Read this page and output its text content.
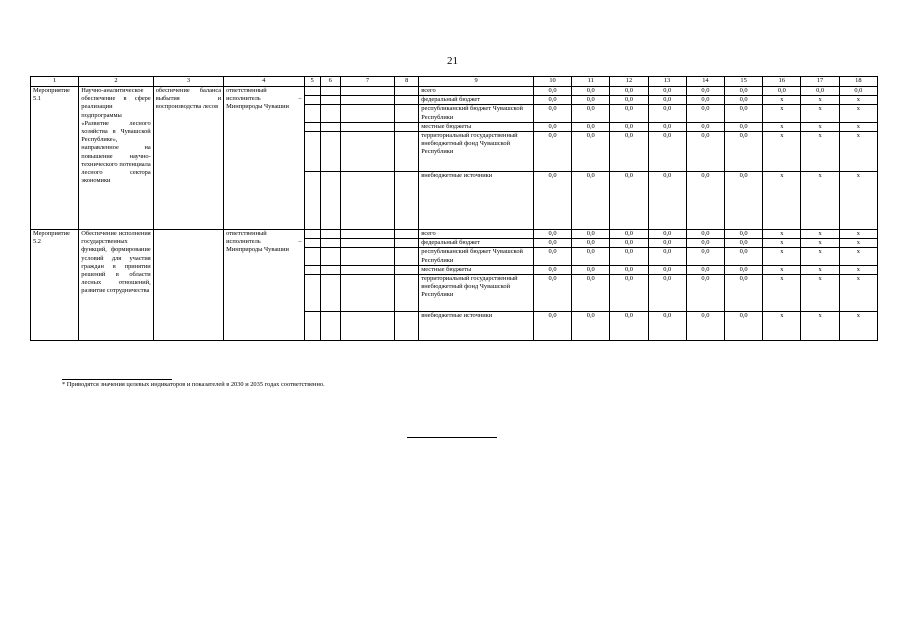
21
1	2	3	4	5	6	7	8	9	10	11	12	13	14	15	16	17	18
Мероприятие 5.1	Научно-аналитическое обеспечение в сфере реализации подпрограммы «Развитие лесного хозяйства в Чувашской Республике», направленное на повышение научно-технического потенциала лесного сектора экономики	обеспечение баланса выбытия и воспроизводства лесов	ответственный исполнитель – Минприроды Чувашии					всего	0,0	0,0	0,0	0,0	0,0	0,0	0,0	0,0	0,0
								федеральный бюджет	0,0	0,0	0,0	0,0	0,0	0,0	х	х	х
								республиканский бюджет Чувашской Республики	0,0	0,0	0,0	0,0	0,0	0,0	х	х	х
								местные бюджеты	0,0	0,0	0,0	0,0	0,0	0,0	х	х	х
								территориальный государственный внебюджетный фонд Чувашской Республики	0,0	0,0	0,0	0,0	0,0	0,0	х	х	х
								внебюджетные источники	0,0	0,0	0,0	0,0	0,0	0,0	х	х	х
Мероприятие 5.2	Обеспечение исполнения государственных функций, формирование условий для участия граждан в принятии решений в области лесных отношений, развитие сотрудничества		ответственный исполнитель – Минприроды Чувашии					всего	0,0	0,0	0,0	0,0	0,0	0,0	х	х	х
								федеральный бюджет	0,0	0,0	0,0	0,0	0,0	0,0	х	х	х
								республиканский бюджет Чувашской Республики	0,0	0,0	0,0	0,0	0,0	0,0	х	х	х
								местные бюджеты	0,0	0,0	0,0	0,0	0,0	0,0	х	х	х
								территориальный государственный внебюджетный фонд Чувашской Республики	0,0	0,0	0,0	0,0	0,0	0,0	х	х	х
								внебюджетные источники	0,0	0,0	0,0	0,0	0,0	0,0	х	х	х
* Приводятся значения целевых индикаторов и показателей в 2030 и 2035 годах соответственно.
